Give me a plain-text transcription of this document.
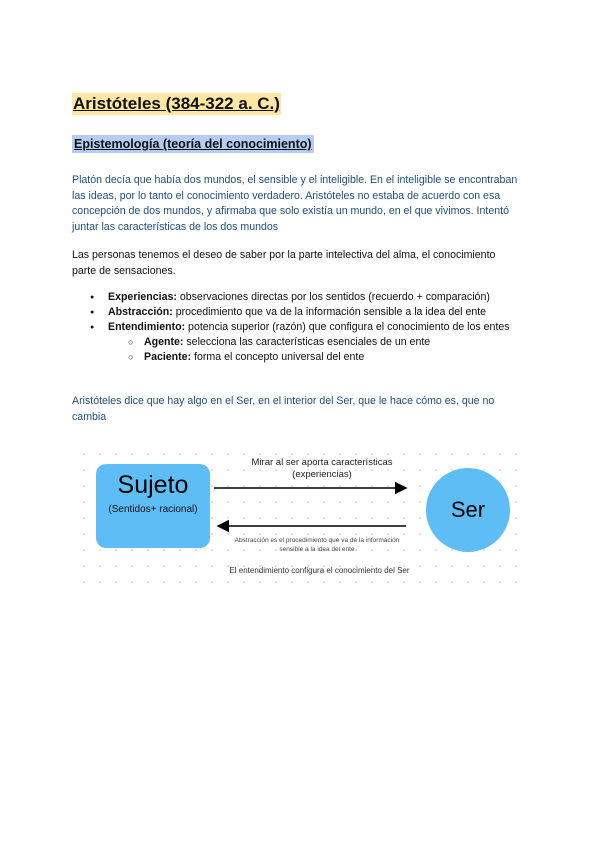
Aristóteles (384-322 a. C.)
Epistemología (teoría del conocimiento)

Platón decía que había dos mundos, el sensible y el inteligible. En el inteligible se encontraban las ideas, por lo tanto el conocimiento verdadero. Aristóteles no estaba de acuerdo con esa concepción de dos mundos, y afirmaba que solo existía un mundo, en el que vivimos. Intentó juntar las características de los dos mundos

Las personas tenemos el deseo de saber por la parte intelectiva del alma, el conocimiento parte de sensaciones.

● Experiencias: observaciones directas por los sentidos (recuerdo + comparación)
● Abstracción: procedimiento que va de la información sensible a la idea del ente
● Entendimiento: potencia superior (razón) que configura el conocimiento de los entes
○ Agente: selecciona las características esenciales de un ente
○ Paciente: forma el concepto universal del ente

Aristóteles dice que hay algo en el Ser, en el interior del Ser, que le hace cómo es, que no cambia

Sujeto
(Sentidos+ racional)	Ser

Mirar al ser aporta características (experiencias)

Abstracción es el procedimiento que va de la información sensible a la idea del ente

El entendimiento configura el conocimiento del Ser
